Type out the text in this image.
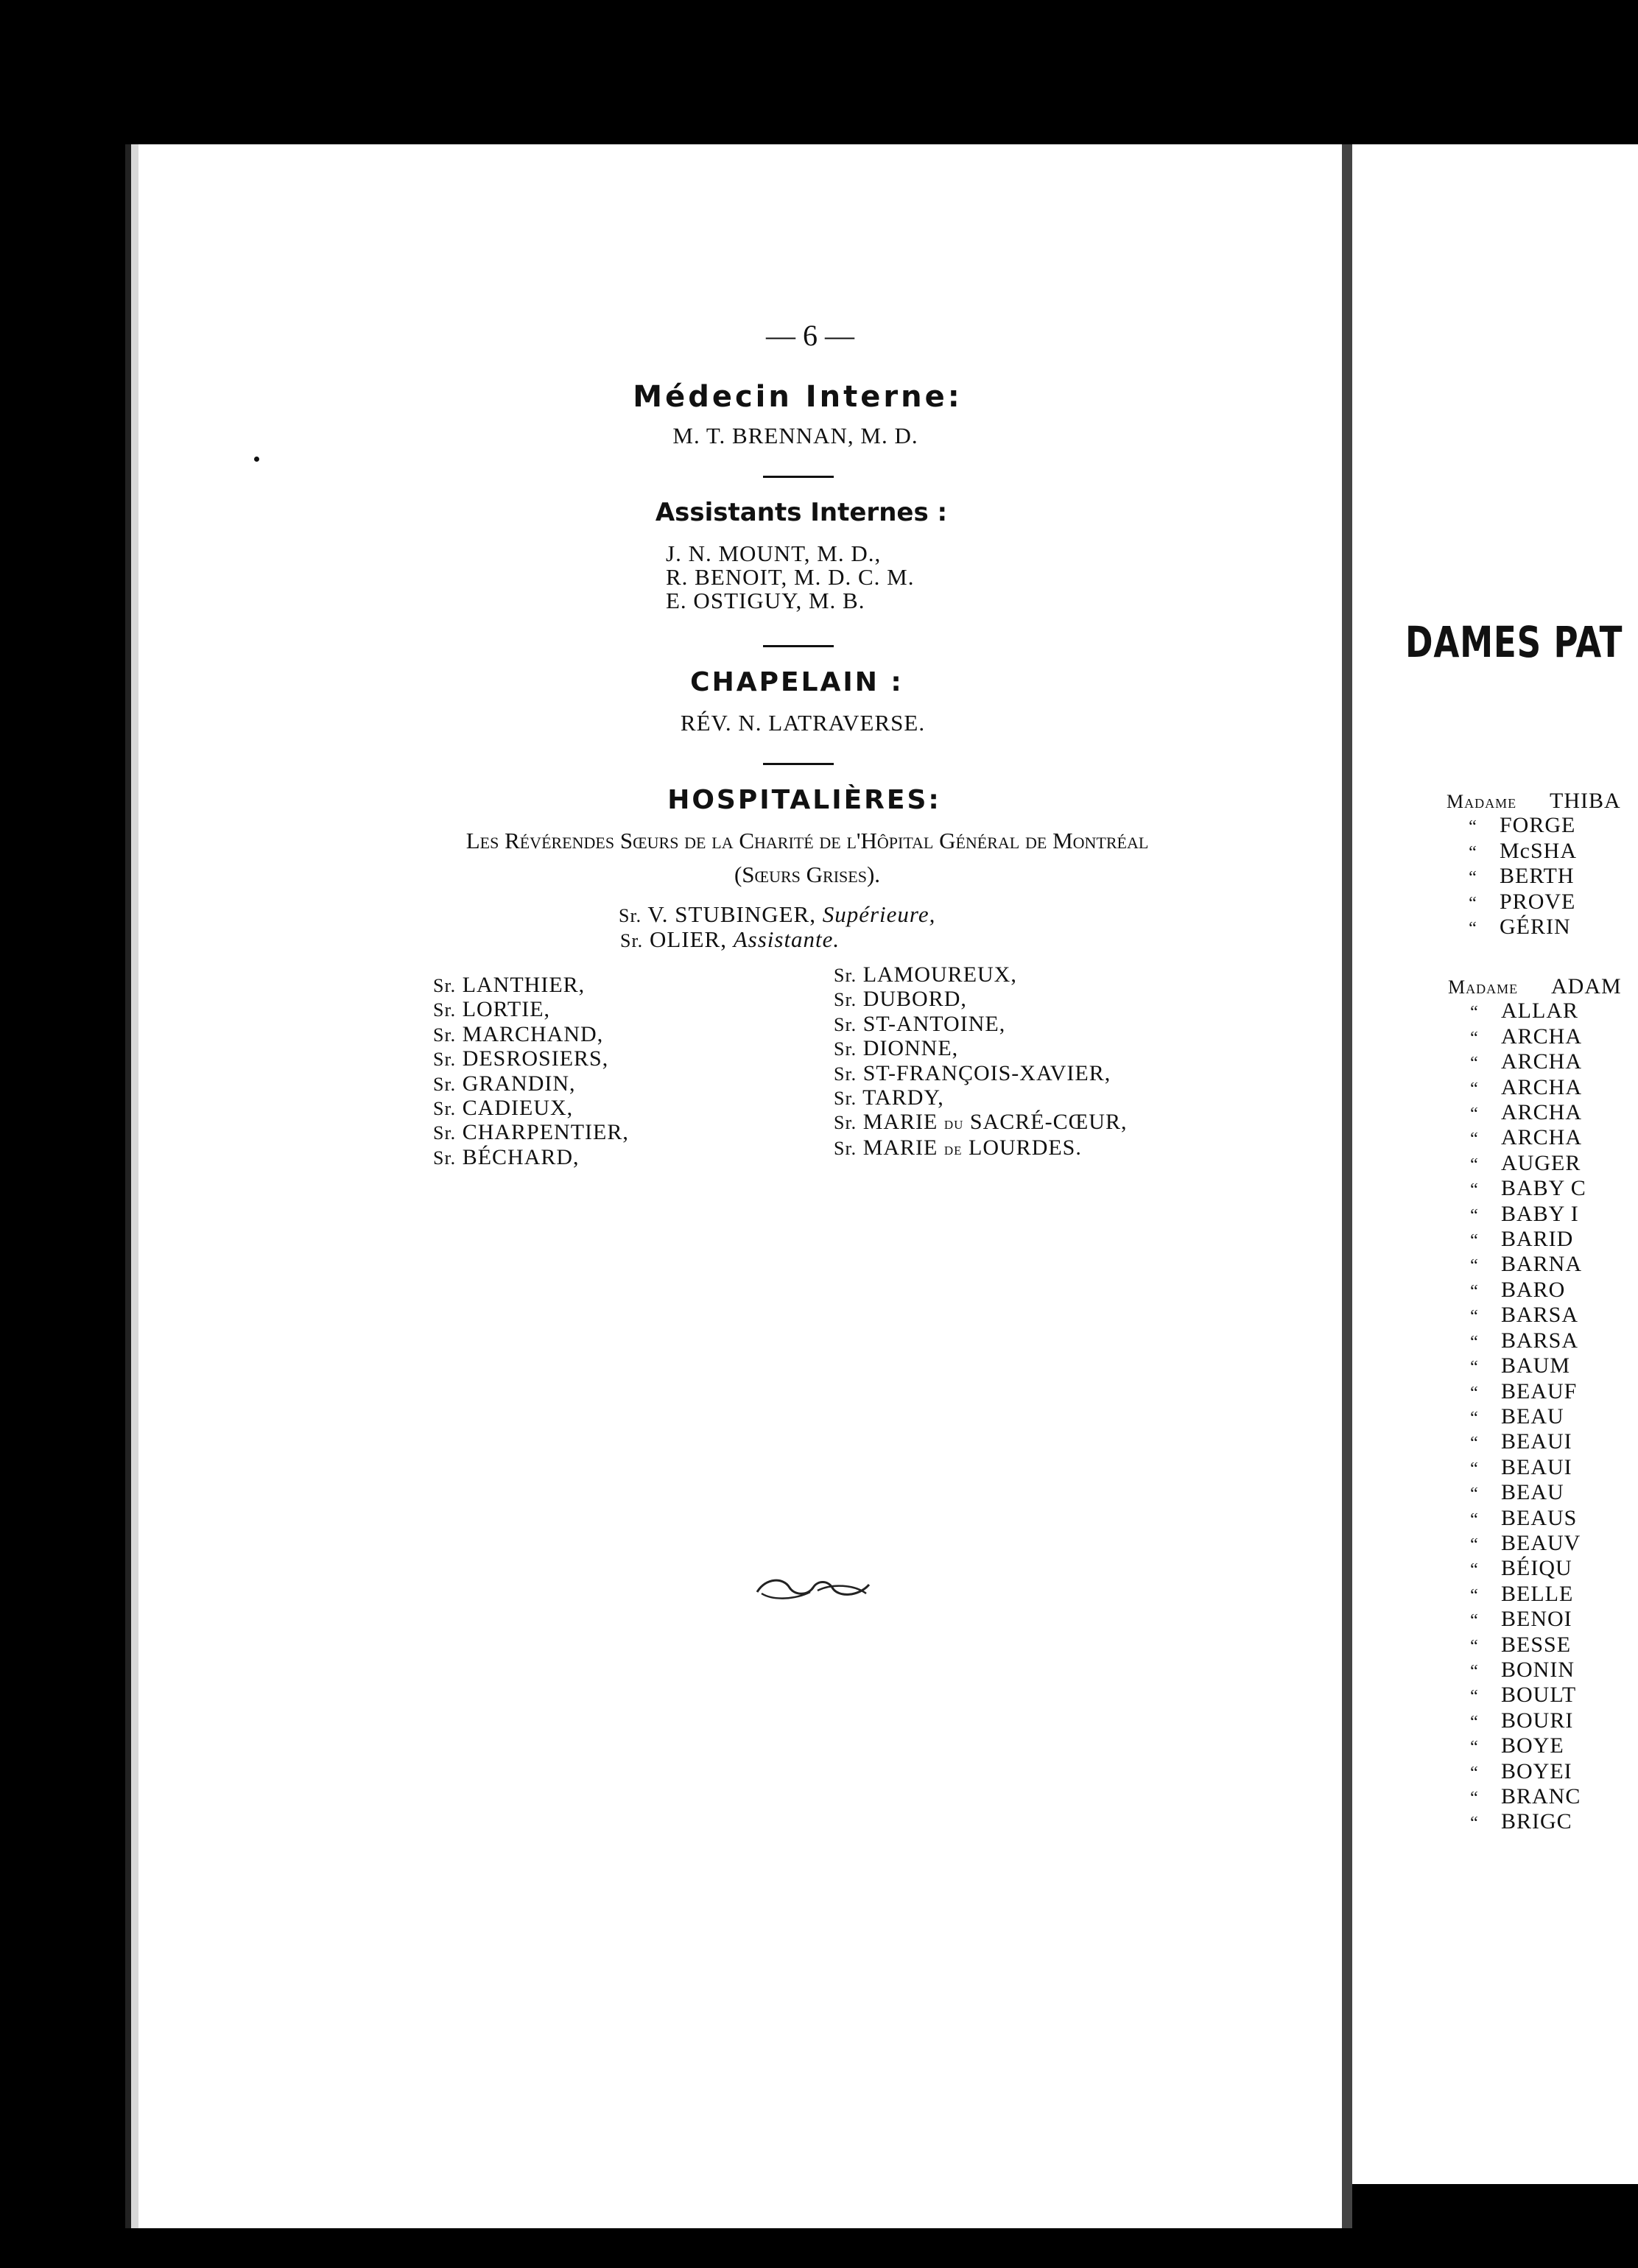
— 6 —
Médecin Interne:
M. T. BRENNAN, M. D.
Assistants Internes :
J. N. MOUNT, M. D.,
R. BENOIT, M. D. C. M.
E. OSTIGUY, M. B.
CHAPELAIN :
RÉV. N. LATRAVERSE.
HOSPITALIÈRES:
Les Révérendes Sœurs de la Charité de l'Hôpital Général de Montréal
(Sœurs Grises).
Sr. V. STUBINGER, Supérieure,
Sr. OLIER, Assistante.
Sr. LANTHIER,
Sr. LORTIE,
Sr. MARCHAND,
Sr. DESROSIERS,
Sr. GRANDIN,
Sr. CADIEUX,
Sr. CHARPENTIER,
Sr. BÉCHARD,
Sr. LAMOUREUX,
Sr. DUBORD,
Sr. ST-ANTOINE,
Sr. DIONNE,
Sr. ST-FRANÇOIS-XAVIER,
Sr. TARDY,
Sr. MARIE du SACRÉ-CŒUR,
Sr. MARIE de LOURDES.
DAMES PAT
Madame THIBA
“ FORGE
“ McSHA
“ BERTH
“ PROVE
“ GÉRIN
Madame ADAM
“ ALLAR
“ ARCHA
“ ARCHA
“ ARCHA
“ ARCHA
“ ARCHA
“ AUGER
“ BABY C
“ BABY I
“ BARID
“ BARNA
“ BARO
“ BARSA
“ BARSA
“ BAUM
“ BEAUF
“ BEAU
“ BEAUI
“ BEAUI
“ BEAU
“ BEAUS
“ BEAUV
“ BÉIQU
“ BELLE
“ BENOI
“ BESSE
“ BONIN
“ BOULT
“ BOURI
“ BOYE
“ BOYEI
“ BRANC
“ BRIGC
